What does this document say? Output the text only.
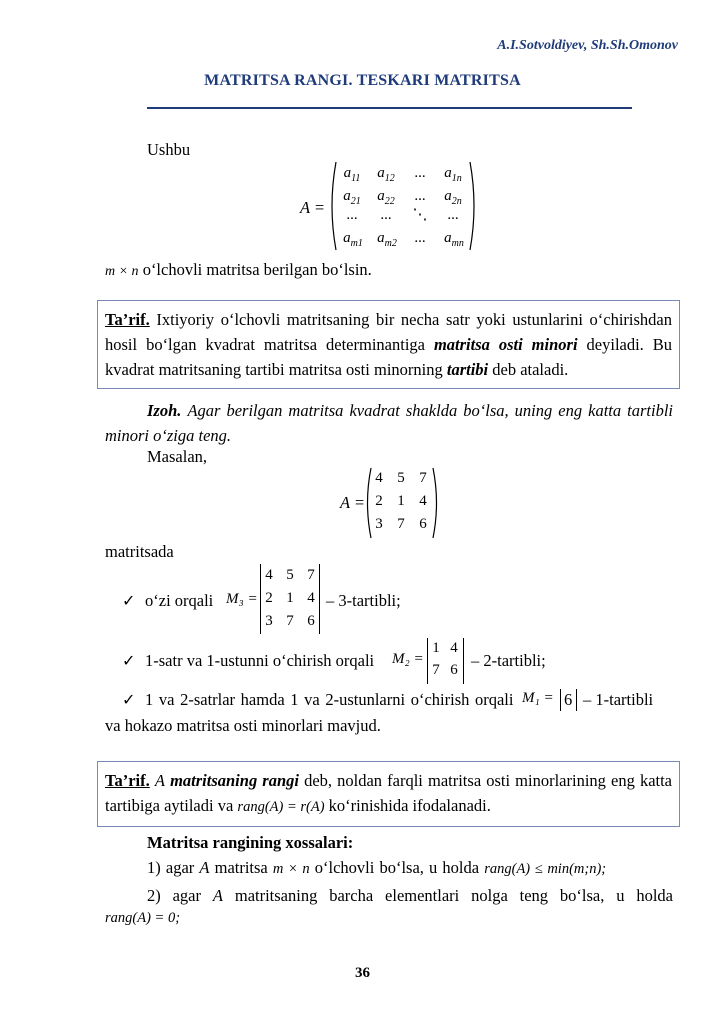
A.I.Sotvoldiyev, Sh.Sh.Omonov
MATRITSA RANGI. TESKARI MATRITSA
Ushbu
A =
$a_{11}$	$a_{12}$	...	$a_{1n}$
$a_{21}$	$a_{22}$	...	$a_{2n}$
...	...	⋱	...
$a_{m1}$ $a_{m2}$	...	$a_{mn}$
m × n o‘lchovli matritsa berilgan bo‘lsin.
Ta’rif. Ixtiyoriy o‘lchovli matritsaning bir necha satr yoki ustunlarini o‘chirishdan hosil bo‘lgan kvadrat matritsa determinantiga matritsa osti minori deyiladi. Bu kvadrat matritsaning tartibi matritsa osti minorning tartibi deb ataladi.
Izoh. Agar berilgan matritsa kvadrat shaklda bo‘lsa, uning eng katta tartibli minori o‘ziga teng.
Masalan,
A =
4 5 7
2 1 4
3 7 6
matritsada
✓ o‘zi orqali M₃ =
4 5 7
2 1 4
3 7 6
– 3-tartibli;
✓ 1-satr va 1-ustunni o‘chirish orqali M₂ =
1 4
7 6 – 2-tartibli;
✓ 1 va 2-satrlar hamda 1 va 2-ustunlarni o‘chirish orqali M₁ = 6 – 1-tartibli
va hokazo matritsa osti minorlari mavjud.
Ta’rif. A matritsaning rangi deb, noldan farqli matritsa osti minorlarining eng katta tartibiga aytiladi va rang(A) = r(A) ko‘rinishida ifodalanadi.
Matritsa rangining xossalari:
1) agar A matritsa m × n o‘lchovli bo‘lsa, u holda rang(A) ≤ min(m;n);
2) agar A matritsaning barcha elementlari nolga teng bo‘lsa, u holda
rang(A) = 0;
36
